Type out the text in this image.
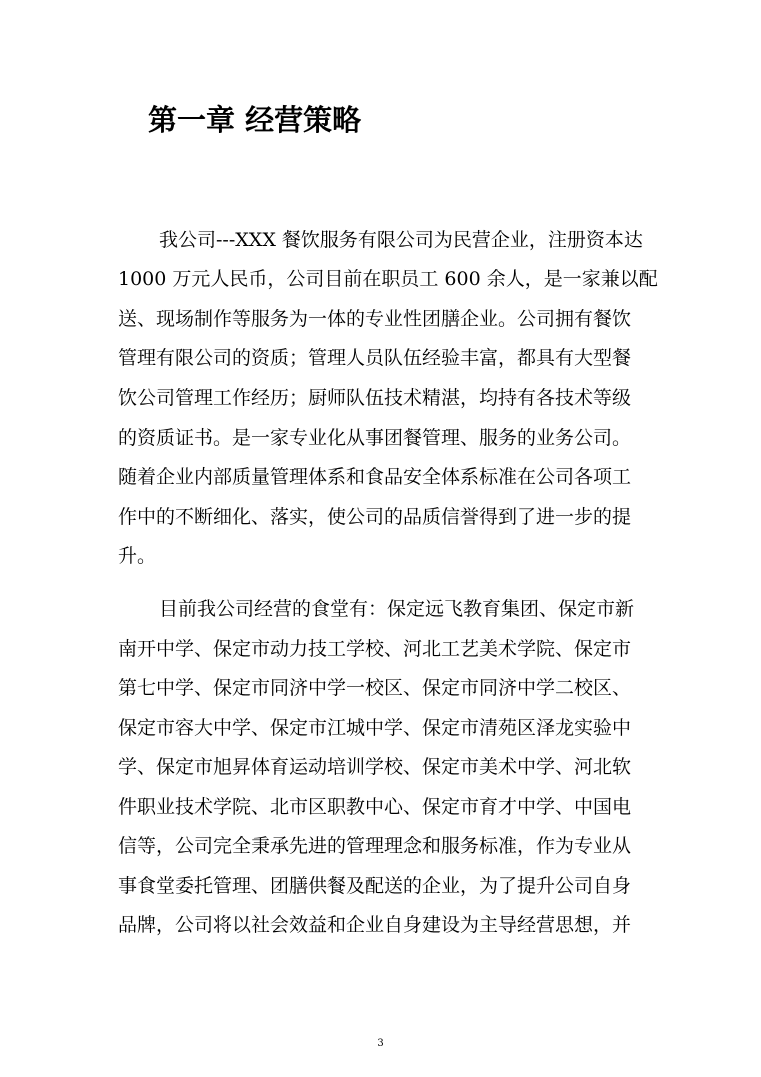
第一章 经营策略

我公司---XXX 餐饮服务有限公司为民营企业，注册资本达

1000 万元人民币，公司目前在职员工 600 余人，是一家兼以配

送、现场制作等服务为一体的专业性团膳企业。公司拥有餐饮

管理有限公司的资质；管理人员队伍经验丰富，都具有大型餐

饮公司管理工作经历；厨师队伍技术精湛，均持有各技术等级

的资质证书。是一家专业化从事团餐管理、服务的业务公司。

随着企业内部质量管理体系和食品安全体系标准在公司各项工

作中的不断细化、落实，使公司的品质信誉得到了进一步的提

升。

目前我公司经营的食堂有：保定远飞教育集团、保定市新

南开中学、保定市动力技工学校、河北工艺美术学院、保定市

第七中学、保定市同济中学一校区、保定市同济中学二校区、

保定市容大中学、保定市江城中学、保定市清苑区泽龙实验中

学、保定市旭昇体育运动培训学校、保定市美术中学、河北软

件职业技术学院、北市区职教中心、保定市育才中学、中国电

信等，公司完全秉承先进的管理理念和服务标准，作为专业从

事食堂委托管理、团膳供餐及配送的企业，为了提升公司自身

品牌，公司将以社会效益和企业自身建设为主导经营思想，并

3
